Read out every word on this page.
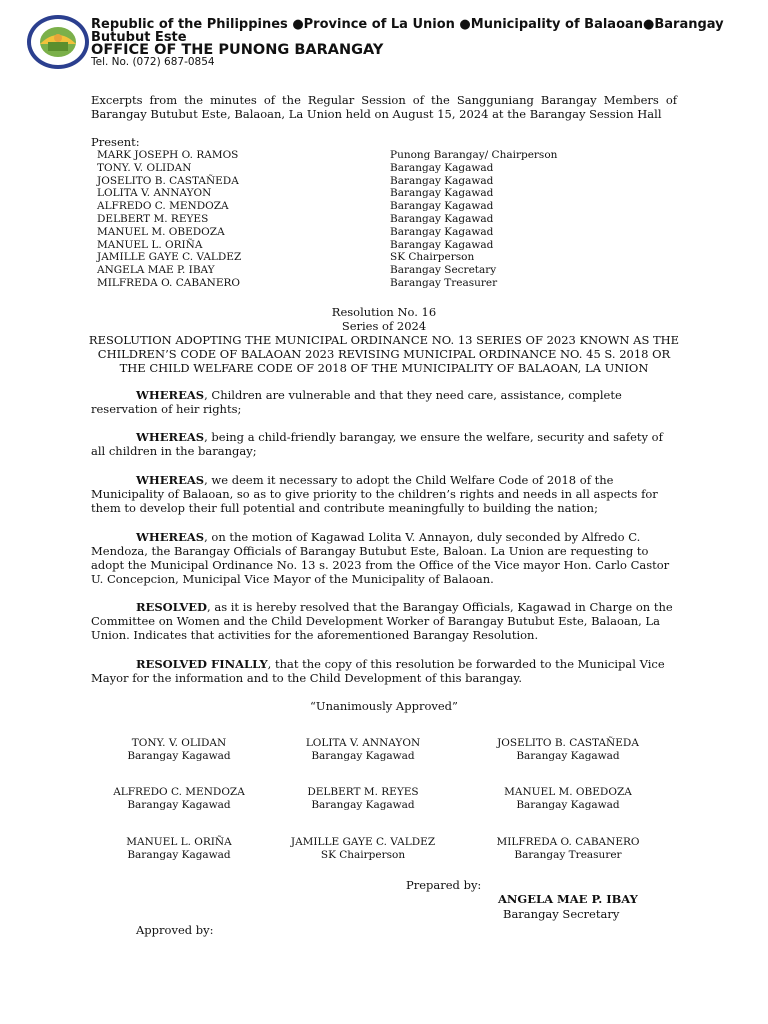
Republic of the Philippines ●Province of La Union ●Municipality of Balaoan●Barangay
Butubut Este
OFFICE OF THE PUNONG BARANGAY
Tel. No. (072) 687-0854
Excerpts from the minutes of the Regular Session of the Sangguniang Barangay Members of Barangay Butubut Este, Balaoan, La Union held on August 15, 2024 at the Barangay Session Hall
Present:
MARK JOSEPH O. RAMOS	Punong Barangay/ Chairperson
TONY. V. OLIDAN	Barangay Kagawad
JOSELITO B. CASTAÑEDA	Barangay Kagawad
LOLITA V. ANNAYON	Barangay Kagawad
ALFREDO C. MENDOZA	Barangay Kagawad
DELBERT M. REYES	Barangay Kagawad
MANUEL M. OBEDOZA	Barangay Kagawad
MANUEL L. ORIÑA	Barangay Kagawad
JAMILLE GAYE C. VALDEZ	SK Chairperson
ANGELA MAE P. IBAY	Barangay Secretary
MILFREDA O. CABANERO	Barangay Treasurer
Resolution No. 16
Series of 2024
RESOLUTION ADOPTING THE MUNICIPAL ORDINANCE NO. 13 SERIES OF 2023 KNOWN AS THE CHILDREN’S CODE OF BALAOAN 2023 REVISING MUNICIPAL ORDINANCE NO. 45 S. 2018 OR THE CHILD WELFARE CODE OF 2018 OF THE MUNICIPALITY OF BALAOAN, LA UNION

WHEREAS, Children are vulnerable and that they need care, assistance, complete reservation of heir rights;

WHEREAS, being a child-friendly barangay, we ensure the welfare, security and safety of all children in the barangay;

WHEREAS, we deem it necessary to adopt the Child Welfare Code of 2018 of the Municipality of Balaoan, so as to give priority to the children’s rights and needs in all aspects for them to develop their full potential and contribute meaningfully to building the nation;

WHEREAS, on the motion of Kagawad Lolita V. Annayon, duly seconded by Alfredo C. Mendoza, the Barangay Officials of Barangay Butubut Este, Baloan. La Union are requesting to adopt the Municipal Ordinance No. 13 s. 2023 from the Office of the Vice mayor Hon. Carlo Castor U. Concepcion, Municipal Vice Mayor of the Municipality of Balaoan.

RESOLVED, as it is hereby resolved that the Barangay Officials, Kagawad in Charge on the Committee on Women and the Child Development Worker of Barangay Butubut Este, Balaoan, La Union. Indicates that activities for the aforementioned Barangay Resolution.

RESOLVED FINALLY, that the copy of this resolution be forwarded to the Municipal Vice Mayor for the information and to the Child Development of this barangay.

“Unanimously Approved”
TONY. V. OLIDAN
Barangay Kagawad
LOLITA V. ANNAYON
Barangay Kagawad
JOSELITO B. CASTAÑEDA
Barangay Kagawad
ALFREDO C. MENDOZA
Barangay Kagawad
DELBERT M. REYES
Barangay Kagawad
MANUEL M. OBEDOZA
Barangay Kagawad
MANUEL L. ORIÑA
Barangay Kagawad
JAMILLE GAYE C. VALDEZ
SK Chairperson
MILFREDA O. CABANERO
Barangay Treasurer
Prepared by:
ANGELA MAE P. IBAY
Barangay Secretary
Approved by:
